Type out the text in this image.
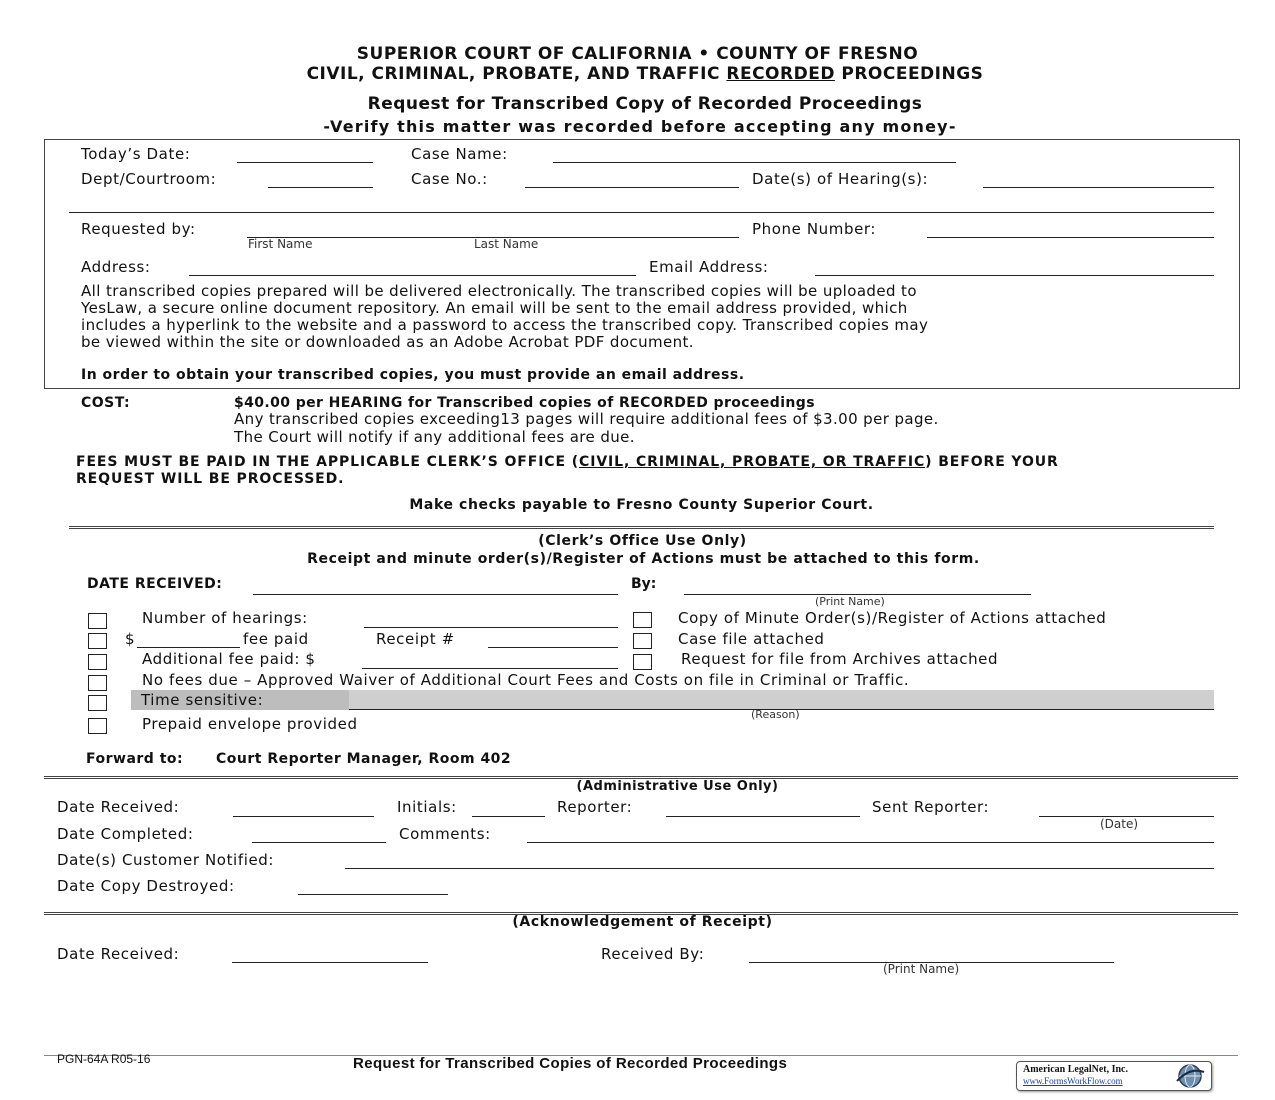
SUPERIOR COURT OF CALIFORNIA • COUNTY OF FRESNO
CIVIL, CRIMINAL, PROBATE, AND TRAFFIC RECORDED PROCEEDINGS
Request for Transcribed Copy of Recorded Proceedings
-Verify this matter was recorded before accepting any money-
Today’s Date:	Case Name:
Dept/Courtroom:	Case No.:	Date(s) of Hearing(s):
Requested by:
First Name	Last Name
Phone Number:
Address:	Email Address:
All transcribed copies prepared will be delivered electronically. The transcribed copies will be uploaded to
YesLaw, a secure online document repository. An email will be sent to the email address provided, which
includes a hyperlink to the website and a password to access the transcribed copy. Transcribed copies may
be viewed within the site or downloaded as an Adobe Acrobat PDF document.
In order to obtain your transcribed copies, you must provide an email address.
COST:	$40.00 per HEARING for Transcribed copies of RECORDED proceedings
Any transcribed copies exceeding13 pages will require additional fees of $3.00 per page.
The Court will notify if any additional fees are due.
FEES MUST BE PAID IN THE APPLICABLE CLERK’S OFFICE (CIVIL, CRIMINAL, PROBATE, OR TRAFFIC) BEFORE YOUR
REQUEST WILL BE PROCESSED.
Make checks payable to Fresno County Superior Court.
(Clerk’s Office Use Only)
Receipt and minute order(s)/Register of Actions must be attached to this form.
DATE RECEIVED:	By:
(Print Name)
Number of hearings:
$	fee paid	Receipt #
Additional fee paid: $
No fees due – Approved Waiver of Additional Court Fees and Costs on file in Criminal or Traffic.
Time sensitive:
(Reason)
Prepaid envelope provided
Copy of Minute Order(s)/Register of Actions attached
Case file attached
Request for file from Archives attached
Forward to: Court Reporter Manager, Room 402
(Administrative Use Only)
Date Received:	Initials:	Reporter:	Sent Reporter:
(Date)
Date Completed:	Comments:
Date(s) Customer Notified:
Date Copy Destroyed:
(Acknowledgement of Receipt)
Date Received:	Received By:
(Print Name)
PGN-64A R05-16	Request for Transcribed Copies of Recorded Proceedings	American LegalNet, Inc.
www.FormsWorkFlow.com
